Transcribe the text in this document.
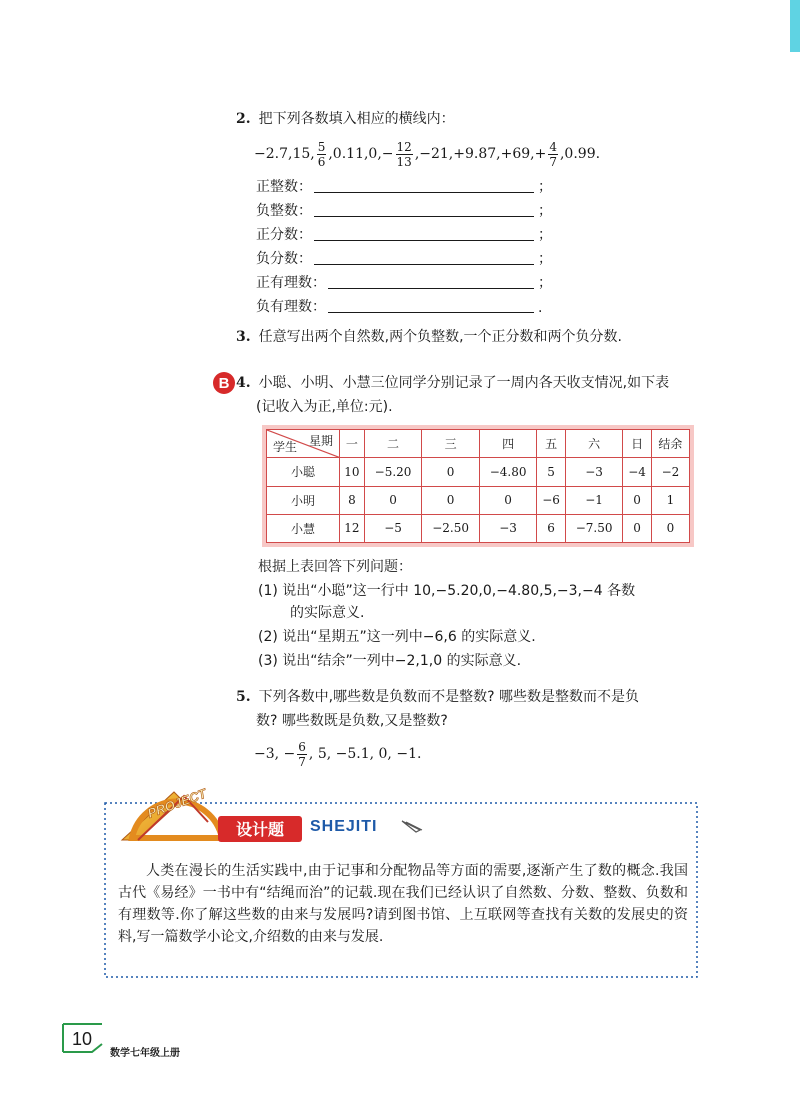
2. 把下列各数填入相应的横线内：
−2.7,15, $\frac{5}{6} ,0.11,0,- \frac{12}{13} ,-21,+9.87,+69,+ \frac{4}{7} ,0.99$.
正整数：	；
负整数：	；
正分数：	；
负分数：	；
正有理数：	；
负有理数：	.
3. 任意写出两个自然数,两个负整数,一个正分数和两个负分数.
B 4. 小聪、小明、小慧三位同学分别记录了一周内各天收支情况,如下表
(记收入为正,单位:元).
星期
学生	一	二	三	四	五	六	日	结余
小聪	10	−5.20	0	−4.80	5	−3	−4	−2
小明	8	0	0	0	−6	−1	0	1
小慧	12	−5	−2.50	−3	6	−7.50	0	0
根据上表回答下列问题：
(1) 说出“小聪”这一行中 10,−5.20,0,−4.80,5,−3,−4 各数
的实际意义.
(2) 说出“星期五”这一列中−6,6 的实际意义.
(3) 说出“结余”一列中−2,1,0 的实际意义.
5. 下列各数中,哪些数是负数而不是整数? 哪些数是整数而不是负
数? 哪些数既是负数,又是整数?
−3, − $\frac{6}{7}$ , 5, −5.1, 0, −1.
PROJECT
设计题 SHEJITI
人类在漫长的生活实践中,由于记事和分配物品等方面的需要,逐渐产生了数的概念.我国古代《易经》一书中有“结绳而治”的记载.现在我们已经认识了自然数、分数、整数、负数和有理数等.你了解这些数的由来与发展吗?请到图书馆、上互联网等查找有关数的发展史的资料,写一篇数学小论文,介绍数的由来与发展.
10
数学七年级上册
